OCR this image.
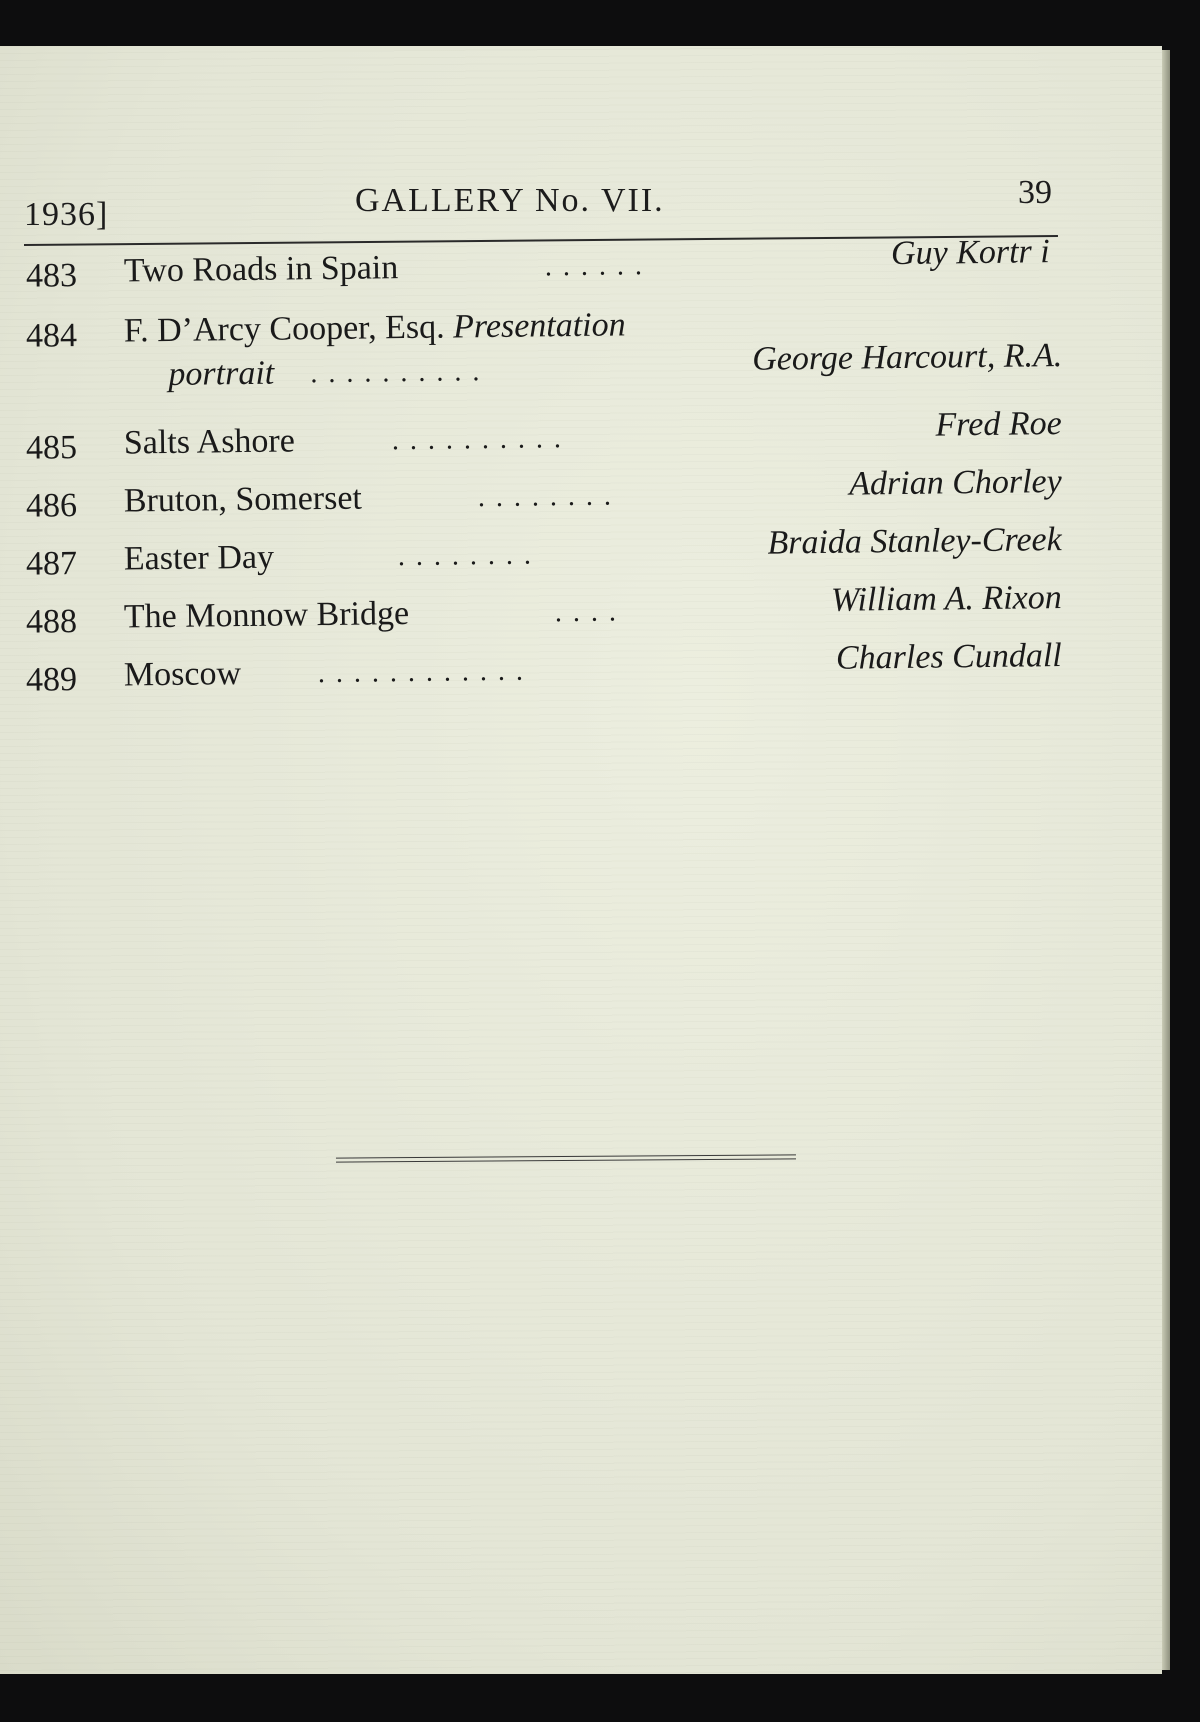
1936]	GALLERY No. VII.	39
483 Two Roads in Spain	. . . . . .	Guy Kortr i
484 F. D’Arcy Cooper, Esq. Presentation
portrait . . . . . . . . . .	George Harcourt, R.A.
485 Salts Ashore	. . . . . . . . . .	Fred Roe
486 Bruton, Somerset	. . . . . . . .	Adrian Chorley
487 Easter Day	. . . . . . . .	Braida Stanley-Creek
488 The Monnow Bridge	. . . .	William A. Rixon
489 Moscow	. . . . . . . . . . . .	Charles Cundall
